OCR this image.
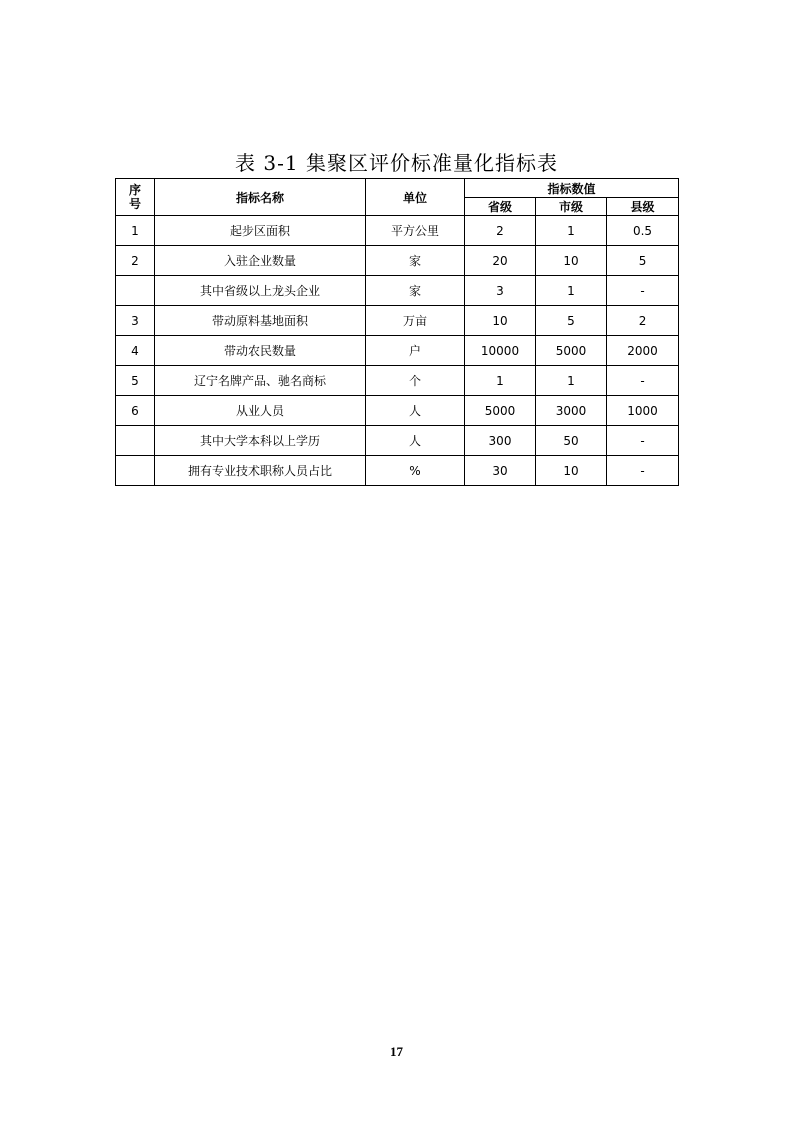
表 3-1 集聚区评价标准量化指标表
序号	指标名称	单位	指标数值		
			省级	市级	县级
1	起步区面积	平方公里	2	1	0.5
2	入驻企业数量	家	20	10	5
	其中省级以上龙头企业	家	3	1	-
3	带动原料基地面积	万亩	10	5	2
4	带动农民数量	户	10000	5000	2000
5	辽宁名牌产品、驰名商标	个	1	1	-
6	从业人员	人	5000	3000	1000
	其中大学本科以上学历	人	300	50	-
	拥有专业技术职称人员占比	%	30	10	-
17
